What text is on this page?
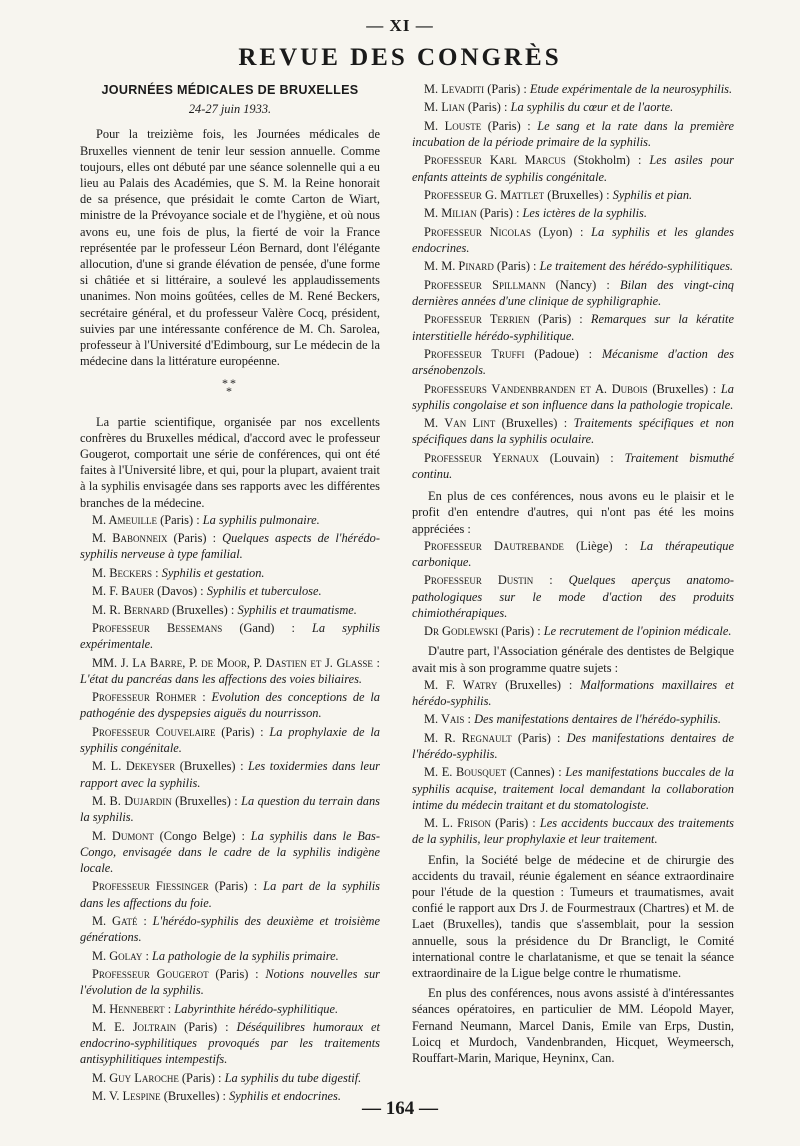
— XI —
REVUE DES CONGRÈS
JOURNÉES MÉDICALES DE BRUXELLES
24-27 juin 1933.

Pour la treizième fois, les Journées médicales de Bruxelles viennent de tenir leur session annuelle. Comme toujours, elles ont débuté par une séance solennelle qui a eu lieu au Palais des Académies, que S. M. la Reine honorait de sa présence, que présidait le comte Carton de Wiart, ministre de la Prévoyance sociale et de l'hygiène, et où nous avons eu, une fois de plus, la fierté de voir la France représentée par le professeur Léon Bernard, dont l'élégante allocution, d'une si grande élévation de pensée, d'une forme si châtiée et si littéraire, a soulevé les applaudissements unanimes. Non moins goûtées, celles de M. René Beckers, secrétaire général, et du professeur Valère Cocq, président, suivies par une intéressante conférence de M. Ch. Sarolea, professeur à l'Université d'Edimbourg, sur Le médecin de la médecine dans la littérature européenne.

**
*

La partie scientifique, organisée par nos excellents confrères du Bruxelles médical, d'accord avec le professeur Gougerot, comportait une série de conférences, qui ont été faites à l'Université libre, et qui, pour la plupart, avaient trait à la syphilis envisagée dans ses rapports avec les différentes branches de la médecine.

M. Ameuille (Paris) : La syphilis pulmonaire.

M. Babonneix (Paris) : Quelques aspects de l'hérédo-syphilis nerveuse à type familial.

M. Beckers : Syphilis et gestation.

M. F. Bauer (Davos) : Syphilis et tuberculose.

M. R. Bernard (Bruxelles) : Syphilis et traumatisme.

Professeur Bessemans (Gand) : La syphilis expérimentale.

MM. J. La Barre, P. de Moor, P. Dastien et J. Glasse : L'état du pancréas dans les affections des voies biliaires.

Professeur Rohmer : Evolution des conceptions de la pathogénie des dyspepsies aiguës du nourrisson.

Professeur Couvelaire (Paris) : La prophylaxie de la syphilis congénitale.

M. L. Dekeyser (Bruxelles) : Les toxidermies dans leur rapport avec la syphilis.

M. B. Dujardin (Bruxelles) : La question du terrain dans la syphilis.

M. Dumont (Congo Belge) : La syphilis dans le Bas-Congo, envisagée dans le cadre de la syphilis indigène locale.

Professeur Fiessinger (Paris) : La part de la syphilis dans les affections du foie.

M. Gaté : L'hérédo-syphilis des deuxième et troisième générations.

M. Golay : La pathologie de la syphilis primaire.

Professeur Gougerot (Paris) : Notions nouvelles sur l'évolution de la syphilis.

M. Hennebert : Labyrinthite hérédo-syphilitique.

M. E. Joltrain (Paris) : Déséquilibres humoraux et endocrino-syphilitiques provoqués par les traitements antisyphilitiques intempestifs.

M. Guy Laroche (Paris) : La syphilis du tube digestif.

M. V. Lespine (Bruxelles) : Syphilis et endocrines.

M. Levaditi (Paris) : Etude expérimentale de la neurosyphilis.

M. Lian (Paris) : La syphilis du cœur et de l'aorte.

M. Louste (Paris) : Le sang et la rate dans la première incubation de la période primaire de la syphilis.

Professeur Karl Marcus (Stokholm) : Les asiles pour enfants atteints de syphilis congénitale.

Professeur G. Mattlet (Bruxelles) : Syphilis et pian.

M. Milian (Paris) : Les ictères de la syphilis.

Professeur Nicolas (Lyon) : La syphilis et les glandes endocrines.

M. M. Pinard (Paris) : Le traitement des hérédo-syphilitiques.

Professeur Spillmann (Nancy) : Bilan des vingt-cinq dernières années d'une clinique de syphiligraphie.

Professeur Terrien (Paris) : Remarques sur la kératite interstitielle hérédo-syphilitique.

Professeur Truffi (Padoue) : Mécanisme d'action des arsénobenzols.

Professeurs Vandenbranden et A. Dubois (Bruxelles) : La syphilis congolaise et son influence dans la pathologie tropicale.

M. Van Lint (Bruxelles) : Traitements spécifiques et non spécifiques dans la syphilis oculaire.

Professeur Yernaux (Louvain) : Traitement bismuthé continu.

En plus de ces conférences, nous avons eu le plaisir et le profit d'en entendre d'autres, qui n'ont pas été les moins appréciées :

Professeur Dautrebande (Liège) : La thérapeutique carbonique.

Professeur Dustin : Quelques aperçus anatomo-pathologiques sur le mode d'action des produits chimiothérapiques.

Dr Godlewski (Paris) : Le recrutement de l'opinion médicale.

D'autre part, l'Association générale des dentistes de Belgique avait mis à son programme quatre sujets :

M. F. Watry (Bruxelles) : Malformations maxillaires et hérédo-syphilis.

M. Vais : Des manifestations dentaires de l'hérédo-syphilis.

M. R. Regnault (Paris) : Des manifestations dentaires de l'hérédo-syphilis.

M. E. Bousquet (Cannes) : Les manifestations buccales de la syphilis acquise, traitement local demandant la collaboration intime du médecin traitant et du stomatologiste.

M. L. Frison (Paris) : Les accidents buccaux des traitements de la syphilis, leur prophylaxie et leur traitement.

Enfin, la Société belge de médecine et de chirurgie des accidents du travail, réunie également en séance extraordinaire pour l'étude de la question : Tumeurs et traumatismes, avait confié le rapport aux Drs J. de Fourmestraux (Chartres) et M. de Laet (Bruxelles), tandis que s'assemblait, pour la session annuelle, sous la présidence du Dr Brancligt, le Comité international contre le charlatanisme, et que se tenait la séance extraordinaire de la Ligue belge contre le rhumatisme.

En plus des conférences, nous avons assisté à d'intéressantes séances opératoires, en particulier de MM. Léopold Mayer, Fernand Neumann, Marcel Danis, Emile van Erps, Dustin, Loicq et Murdoch, Vandenbranden, Hicquet, Weymeersch, Rouffart-Marin, Marique, Heyninx, Can.

— 164 —
